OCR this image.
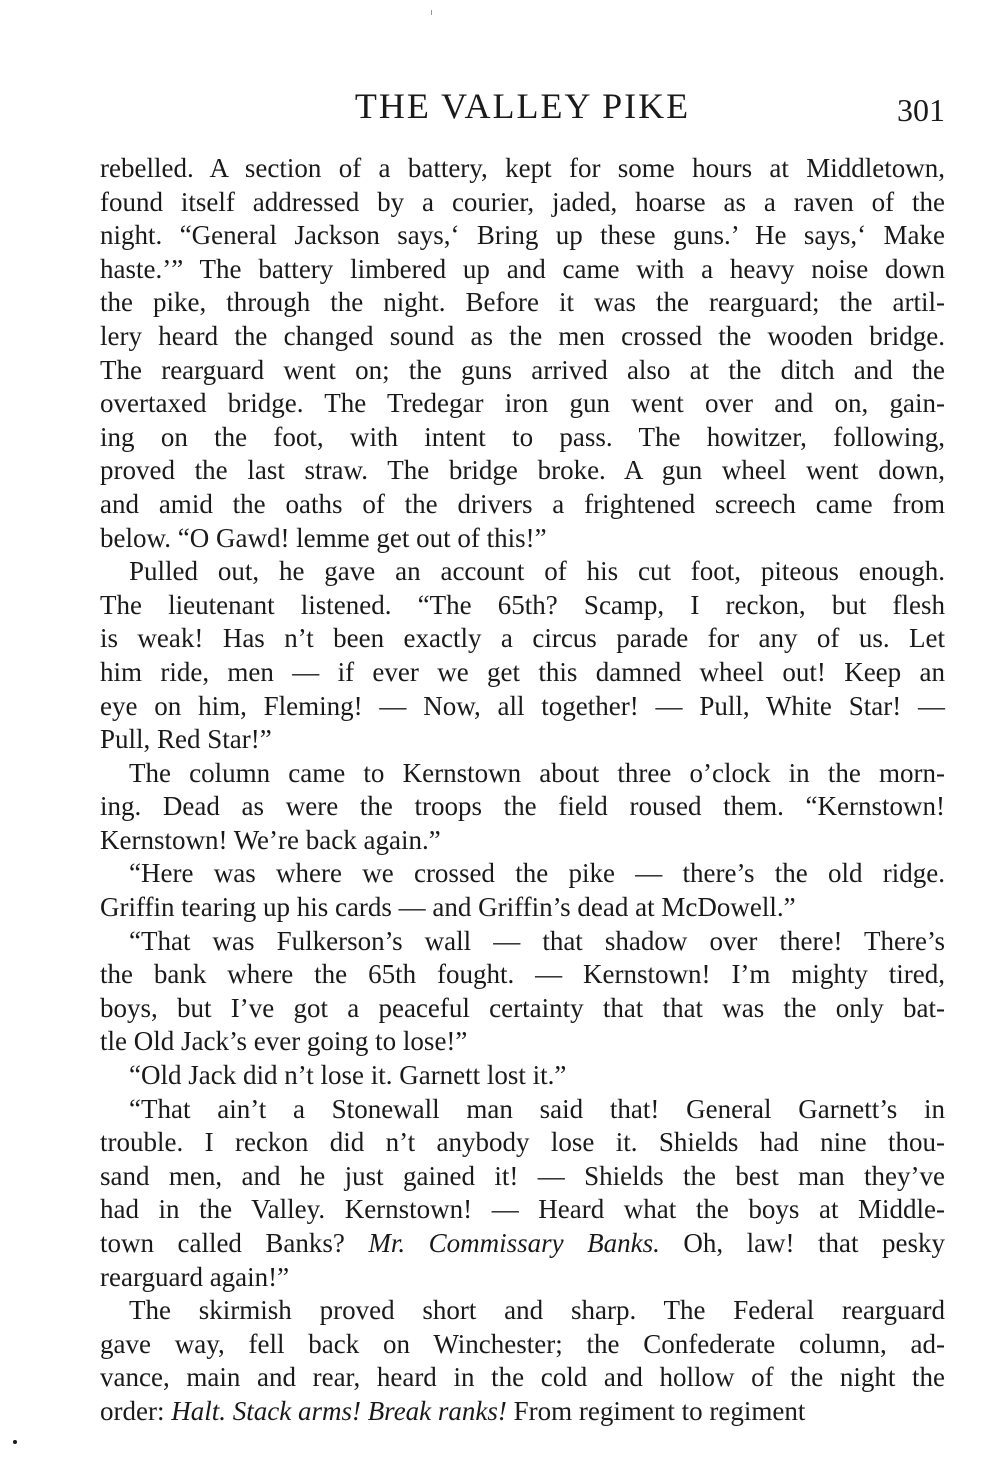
THE VALLEY PIKE	301
rebelled. A section of a battery, kept for some hours at Middletown,
found itself addressed by a courier, jaded, hoarse as a raven of the
night. “General Jackson says,‘ Bring up these guns.’ He says,‘ Make
haste.’” The battery limbered up and came with a heavy noise down
the pike, through the night. Before it was the rearguard; the artil-
lery heard the changed sound as the men crossed the wooden bridge.
The rearguard went on; the guns arrived also at the ditch and the
overtaxed bridge. The Tredegar iron gun went over and on, gain-
ing on the foot, with intent to pass. The howitzer, following,
proved the last straw. The bridge broke. A gun wheel went down,
and amid the oaths of the drivers a frightened screech came from
below. “O Gawd! lemme get out of this!”
Pulled out, he gave an account of his cut foot, piteous enough.
The lieutenant listened. “The 65th? Scamp, I reckon, but flesh
is weak! Has n’t been exactly a circus parade for any of us. Let
him ride, men — if ever we get this damned wheel out! Keep an
eye on him, Fleming! — Now, all together! — Pull, White Star! —
Pull, Red Star!”
The column came to Kernstown about three o’clock in the morn-
ing. Dead as were the troops the field roused them. “Kernstown!
Kernstown! We’re back again.”
“Here was where we crossed the pike — there’s the old ridge.
Griffin tearing up his cards — and Griffin’s dead at McDowell.”
“That was Fulkerson’s wall — that shadow over there! There’s
the bank where the 65th fought. — Kernstown! I’m mighty tired,
boys, but I’ve got a peaceful certainty that that was the only bat-
tle Old Jack’s ever going to lose!”
“Old Jack did n’t lose it. Garnett lost it.”
“That ain’t a Stonewall man said that! General Garnett’s in
trouble. I reckon did n’t anybody lose it. Shields had nine thou-
sand men, and he just gained it! — Shields the best man they’ve
had in the Valley. Kernstown! — Heard what the boys at Middle-
town called Banks? Mr. Commissary Banks. Oh, law! that pesky
rearguard again!”
The skirmish proved short and sharp. The Federal rearguard
gave way, fell back on Winchester; the Confederate column, ad-
vance, main and rear, heard in the cold and hollow of the night the
order: Halt. Stack arms! Break ranks! From regiment to regiment
